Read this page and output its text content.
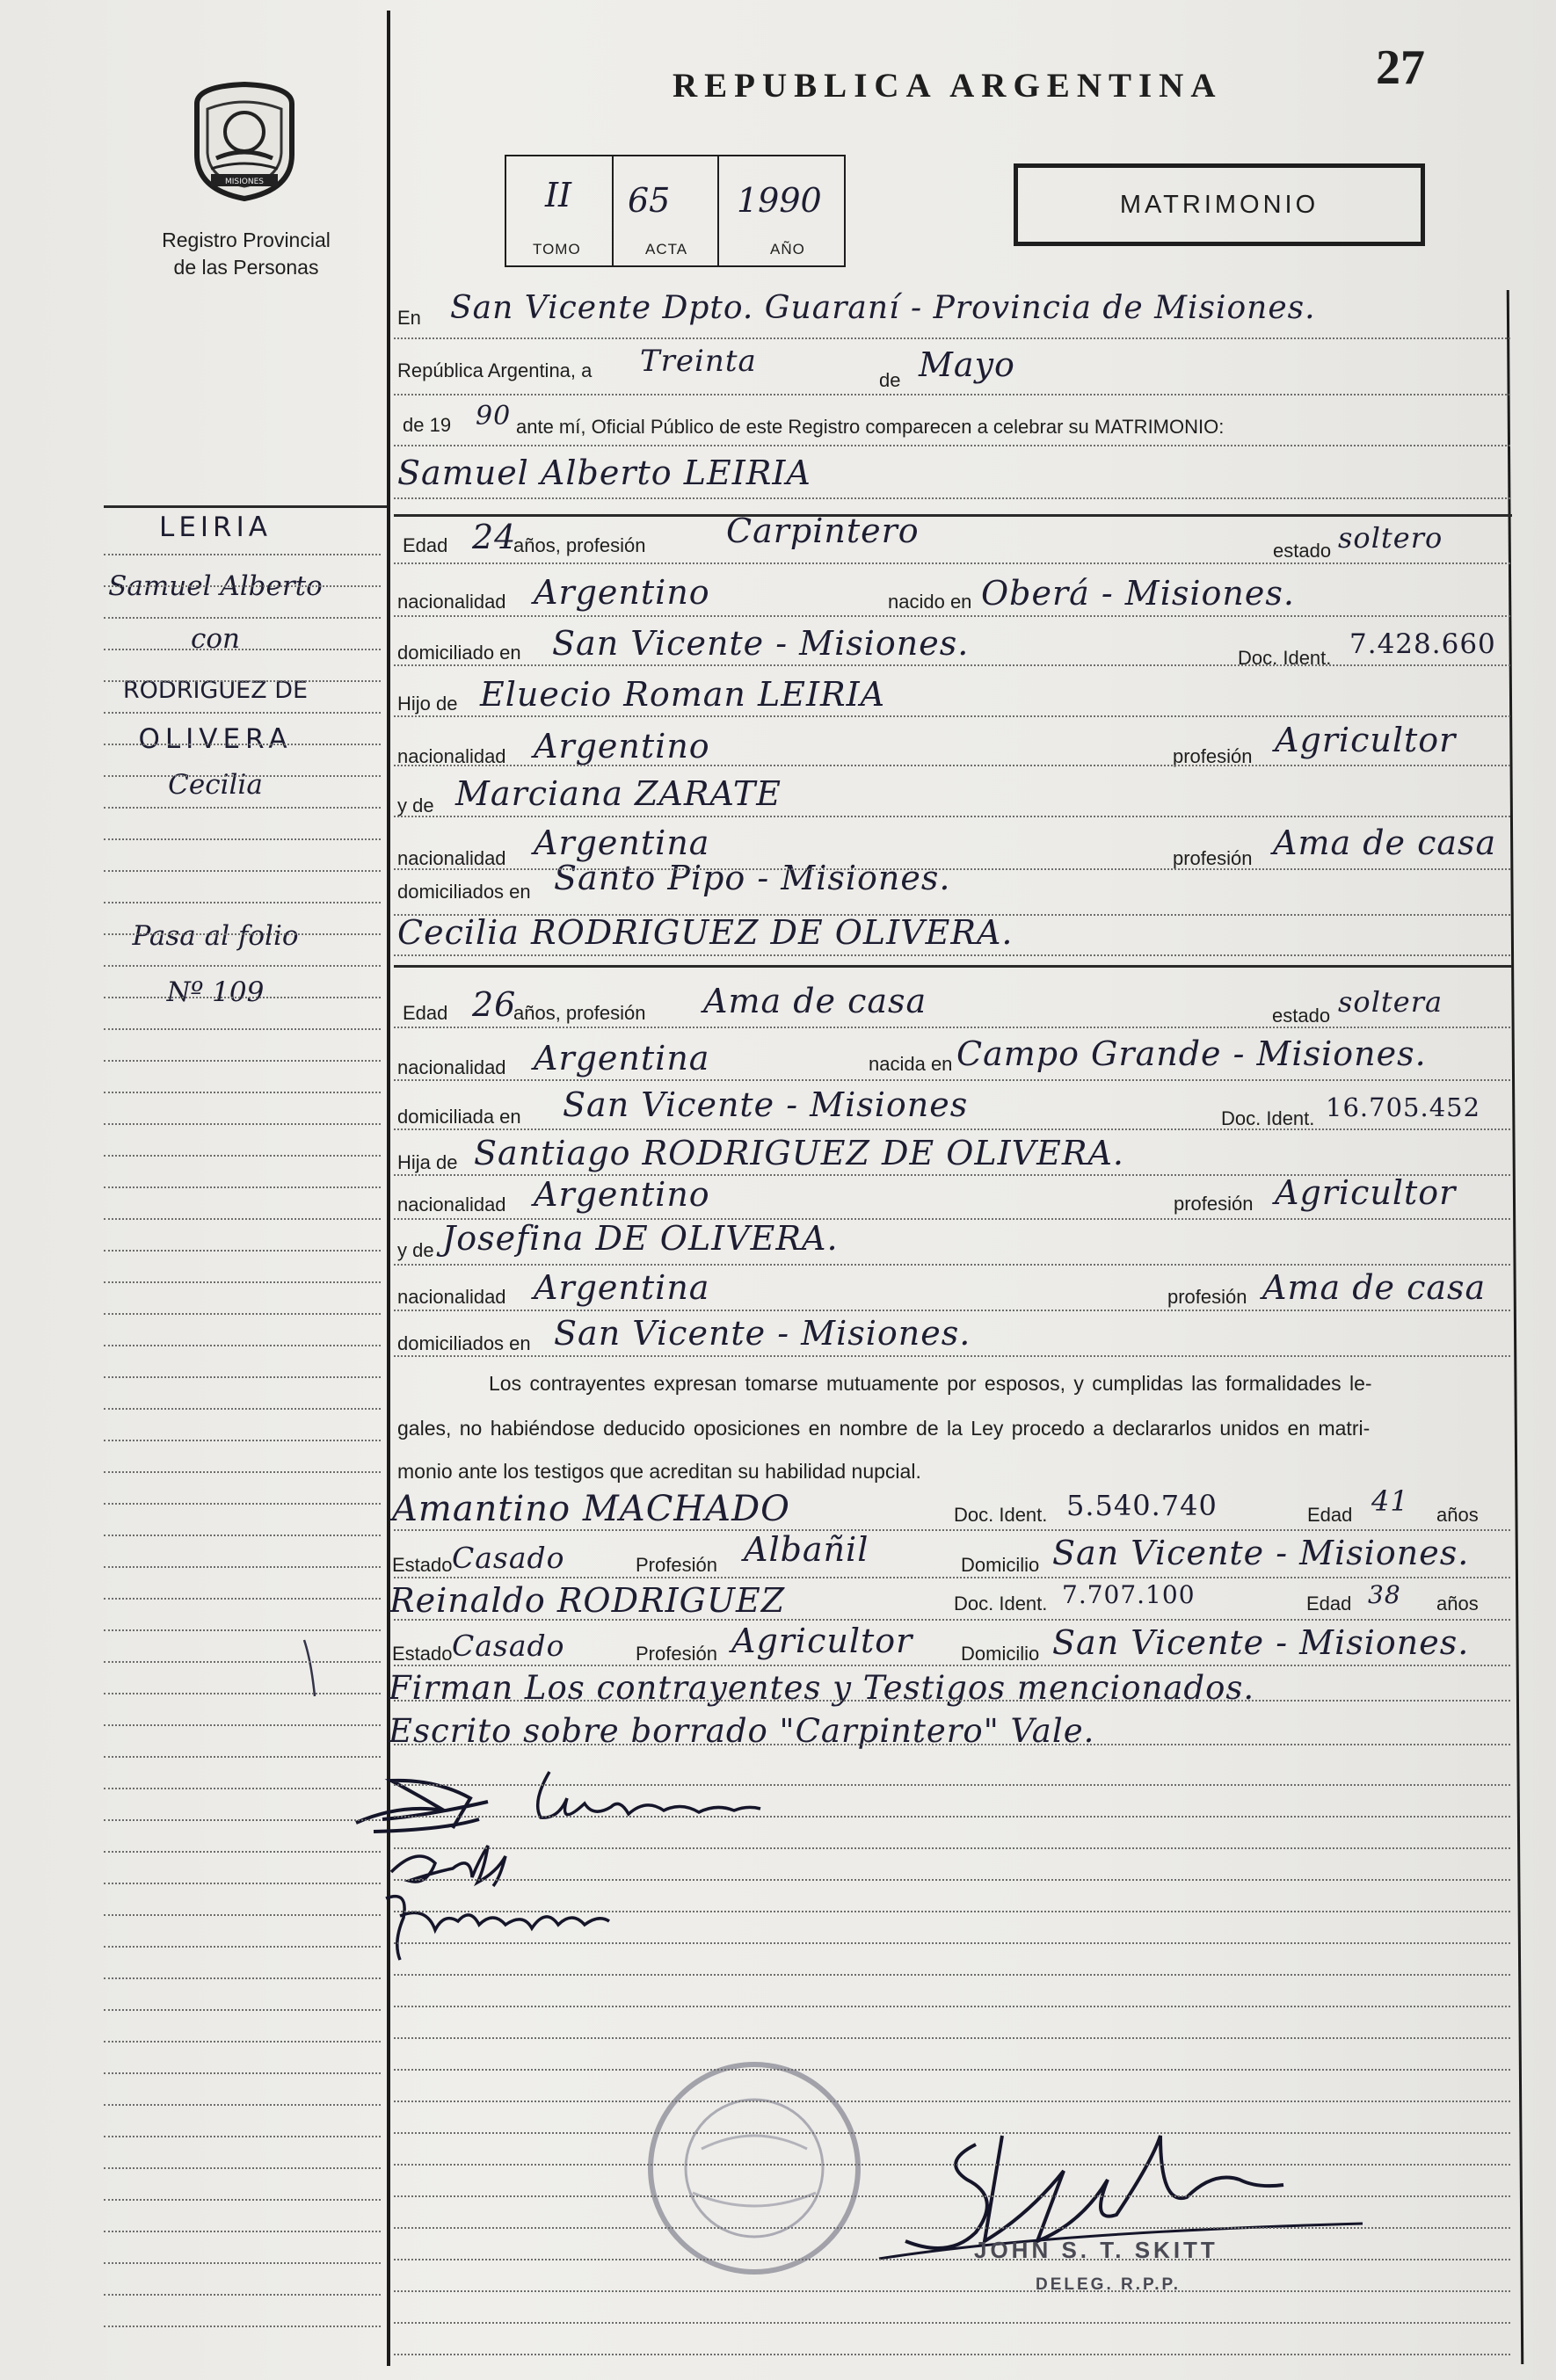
MISIONES
Registro Provincial
de las Personas
REPUBLICA ARGENTINA	27
II 65 1990
TOMO	ACTA	AÑO
MATRIMONIO
LEIRIA
Samuel Alberto
con
RODRIGUEZ DE
OLIVERA
Cecilia
Pasa al folio
Nº 109
En San Vicente Dpto. Guaraní - Provincia de Misiones.
República Argentina, a Treinta
de Mayo
de 19 90 ante mí, Oficial Público de este Registro comparecen a celebrar su MATRIMONIO:
Samuel Alberto LEIRIA
Edad 24
años, profesión Carpintero
estado soltero
nacionalidad Argentino	nacido en Oberá - Misiones.
domiciliado en San Vicente - Misiones.	Doc. Ident. 7.428.660
Hijo de Eluecio Roman LEIRIA
nacionalidad Argentino	profesión Agricultor
y de Marciana ZARATE
nacionalidad Argentina	profesión Ama de casa
domiciliados en Santo Pipo - Misiones.
Cecilia RODRIGUEZ DE OLIVERA.
Edad 26
años, profesión Ama de casa	estado soltera
nacionalidad Argentina	nacida en Campo Grande - Misiones.
domiciliada en San Vicente - Misiones	Doc. Ident. 16.705.452
Hija de Santiago RODRIGUEZ DE OLIVERA.
nacionalidad Argentino	profesión Agricultor
y de Josefina DE OLIVERA.
nacionalidad Argentina	profesión Ama de casa
domiciliados en San Vicente - Misiones.
Los contrayentes expresan tomarse mutuamente por esposos, y cumplidas las formalidades le-
gales, no habiéndose deducido oposiciones en nombre de la Ley procedo a declararlos unidos en matri-
monio ante los testigos que acreditan su habilidad nupcial.
Amantino MACHADO	Doc. Ident. 5.540.740	Edad 41 años
Estado Casado	Profesión Albañil	Domicilio San Vicente - Misiones.
Reinaldo RODRIGUEZ	Doc. Ident. 7.707.100	Edad 38 años
Estado Casado	Profesión Agricultor Domicilio San Vicente - Misiones.
Firman Los contrayentes y Testigos mencionados.
Escrito sobre borrado "Carpintero" Vale.
JOHN S. T. SKITT
DELEG. R.P.P.
